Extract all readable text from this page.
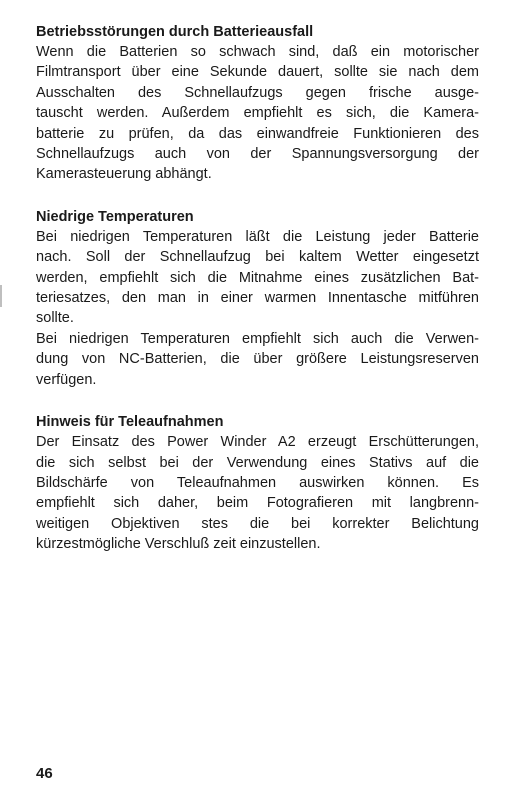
Betriebsstörungen durch Batterieausfall

Wenn die Batterien so schwach sind, daß ein motorischer
Filmtransport über eine Sekunde dauert, sollte sie nach dem
Ausschalten des Schnellaufzugs gegen frische ausge-
tauscht werden. Außerdem empfiehlt es sich, die Kamera-
batterie zu prüfen, da das einwandfreie Funktionieren des
Schnellaufzugs auch von der Spannungsversorgung der
Kamerasteuerung abhängt.

Niedrige Temperaturen

Bei niedrigen Temperaturen läßt die Leistung jeder Batterie
nach. Soll der Schnellaufzug bei kaltem Wetter eingesetzt
werden, empfiehlt sich die Mitnahme eines zusätzlichen Bat-
teriesatzes, den man in einer warmen Innentasche mitführen
sollte.
Bei niedrigen Temperaturen empfiehlt sich auch die Verwen-
dung von NC-Batterien, die über größere Leistungsreserven
verfügen.

Hinweis für Teleaufnahmen

Der Einsatz des Power Winder A2 erzeugt Erschütterungen,
die sich selbst bei der Verwendung eines Stativs auf die
Bildschärfe von Teleaufnahmen auswirken können. Es
empfiehlt sich daher, beim Fotografieren mit langbrenn-
weitigen Objektiven stes die bei korrekter Belichtung
kürzestmögliche Verschluß zeit einzustellen.

46
